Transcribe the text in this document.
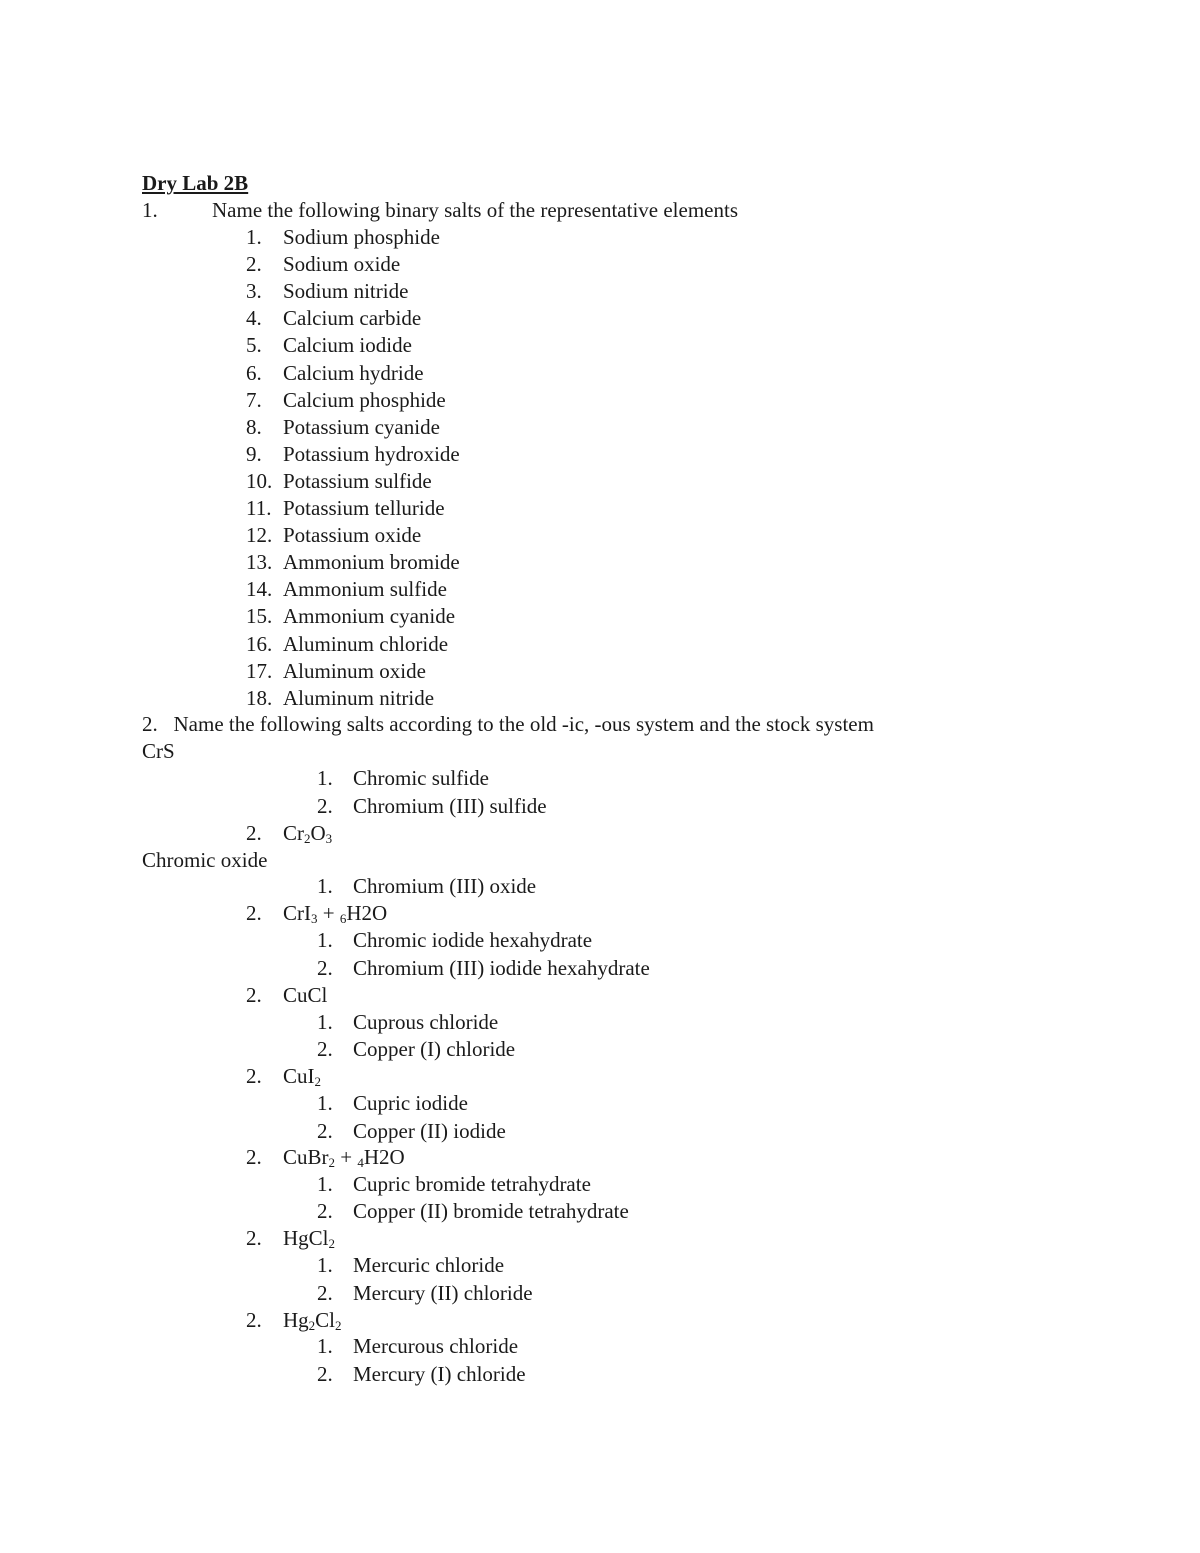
Dry Lab 2B
1.	Name the following binary salts of the representative elements
1. Sodium phosphide
2. Sodium oxide
3. Sodium nitride
4. Calcium carbide
5. Calcium iodide
6. Calcium hydride
7. Calcium phosphide
8. Potassium cyanide
9. Potassium hydroxide
10. Potassium sulfide
11. Potassium telluride
12. Potassium oxide
13. Ammonium bromide
14. Ammonium sulfide
15. Ammonium cyanide
16. Aluminum chloride
17. Aluminum oxide
18. Aluminum nitride
2. Name the following salts according to the old -ic, -ous system and the stock system
CrS
1. Chromic sulfide
2. Chromium (III) sulfide
2. $Cr_2O_3$
Chromic oxide
1. Chromium (III) oxide
2. CrI$_3$ + $_6$H2O
1. Chromic iodide hexahydrate
2. Chromium (III) iodide hexahydrate
2. CuCl
1. Cuprous chloride
2. Copper (I) chloride
2. CuI$_2$
1. Cupric iodide
2. Copper (II) iodide
2. CuBr$_2$ + $_4$H2O
1. Cupric bromide tetrahydrate
2. Copper (II) bromide tetrahydrate
2. HgCl$_2$
1. Mercuric chloride
2. Mercury (II) chloride
2. $Hg_2Cl_2$
1. Mercurous chloride
2. Mercury (I) chloride
